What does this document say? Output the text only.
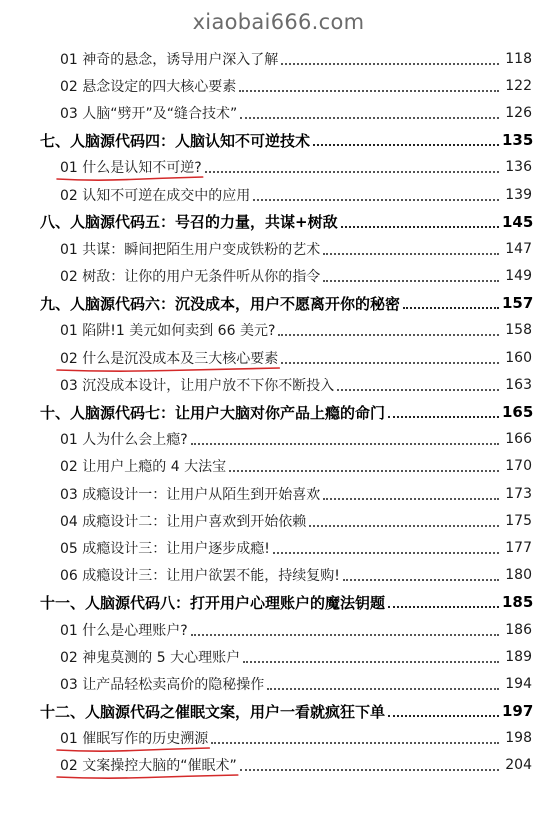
xiaobai666.com
01 神奇的悬念，诱导用户深入了解	118
02 悬念设定的四大核心要素	122
03 人脑“劈开”及“缝合技术”	126
七、人脑源代码四：人脑认知不可逆技术	135
01 什么是认知不可逆?	136
02 认知不可逆在成交中的应用	139
八、人脑源代码五：号召的力量，共谋+树敌	145
01 共谋：瞬间把陌生用户变成铁粉的艺术	147
02 树敌：让你的用户无条件听从你的指令	149
九、人脑源代码六：沉没成本，用户不愿离开你的秘密	157
01 陷阱!1 美元如何卖到 66 美元?	158
02 什么是沉没成本及三大核心要素	160
03 沉没成本设计，让用户放不下你不断投入	163
十、人脑源代码七：让用户大脑对你产品上瘾的命门	165
01 人为什么会上瘾?	166
02 让用户上瘾的 4 大法宝	170
03 成瘾设计一：让用户从陌生到开始喜欢	173
04 成瘾设计二：让用户喜欢到开始依赖	175
05 成瘾设计三：让用户逐步成瘾!	177
06 成瘾设计三：让用户欲罢不能，持续复购!	180
十一、人脑源代码八：打开用户心理账户的魔法钥题	185
01 什么是心理账户?	186
02 神鬼莫测的 5 大心理账户	189
03 让产品轻松卖高价的隐秘操作	194
十二、人脑源代码之催眠文案，用户一看就疯狂下单	197
01 催眠写作的历史溯源	198
02 文案操控大脑的“催眠术”	204
